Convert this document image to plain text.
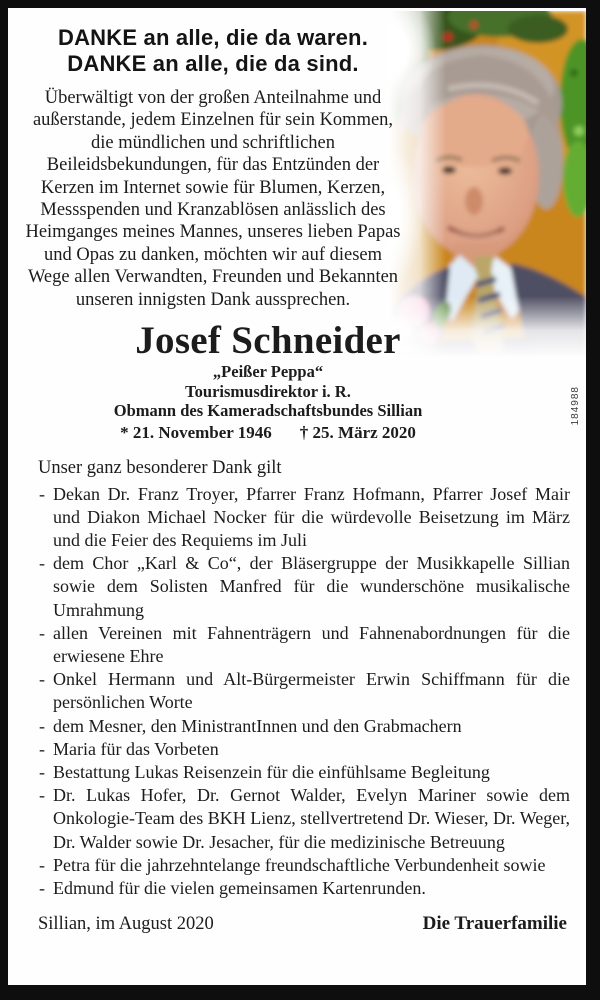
DANKE an alle, die da waren.
DANKE an alle, die da sind.

Überwältigt von der großen Anteilnahme und außerstande, jedem Einzelnen für sein Kommen, die mündlichen und schriftlichen Beileidsbekundungen, für das Entzünden der Kerzen im Internet sowie für Blumen, Kerzen, Messspenden und Kranzablösen anlässlich des Heimganges meines Mannes, unseres lieben Papas und Opas zu danken, möchten wir auf diesem Wege allen Verwandten, Freunden und Bekannten unseren innigsten Dank aussprechen.

Josef Schneider
„Peißer Peppa“
Tourismusdirektor i. R.
Obmann des Kameradschaftsbundes Sillian
* 21. November 1946 † 25. März 2020
Unser ganz besonderer Dank gilt
- Dekan Dr. Franz Troyer, Pfarrer Franz Hofmann, Pfarrer Josef Mair und Diakon Michael Nocker für die würdevolle Beisetzung im März und die Feier des Requiems im Juli
- dem Chor „Karl & Co“, der Bläsergruppe der Musikkapelle Sillian sowie dem Solisten Manfred für die wunderschöne musikalische Umrahmung
- allen Vereinen mit Fahnenträgern und Fahnenabordnungen für die erwiesene Ehre
- Onkel Hermann und Alt-Bürgermeister Erwin Schiffmann für die persönlichen Worte
- dem Mesner, den MinistrantInnen und den Grabmachern
- Maria für das Vorbeten
- Bestattung Lukas Reisenzein für die einfühlsame Begleitung
- Dr. Lukas Hofer, Dr. Gernot Walder, Evelyn Mariner sowie dem Onkologie-Team des BKH Lienz, stellvertretend Dr. Wieser, Dr. Weger, Dr. Walder sowie Dr. Jesacher, für die medizinische Betreuung
- Petra für die jahrzehntelange freundschaftliche Verbundenheit sowie
- Edmund für die vielen gemeinsamen Kartenrunden.
Sillian, im August 2020	Die Trauerfamilie
184988
